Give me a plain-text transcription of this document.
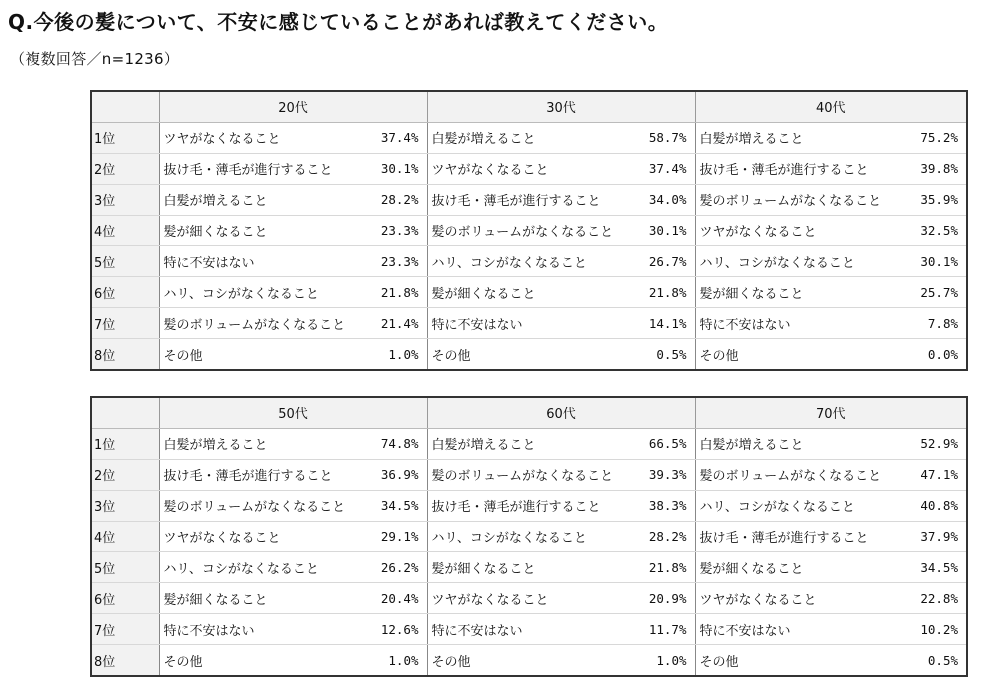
Q.今後の髪について、不安に感じていることがあれば教えてください。
（複数回答／n=1236）
	20代		30代		40代	
1位	ツヤがなくなること	37.4%	白髪が増えること	58.7%	白髪が増えること	75.2%
2位	抜け毛・薄毛が進行すること	30.1%	ツヤがなくなること	37.4%	抜け毛・薄毛が進行すること	39.8%
3位	白髪が増えること	28.2%	抜け毛・薄毛が進行すること	34.0%	髪のボリュームがなくなること	35.9%
4位	髪が細くなること	23.3%	髪のボリュームがなくなること	30.1%	ツヤがなくなること	32.5%
5位	特に不安はない	23.3%	ハリ、コシがなくなること	26.7%	ハリ、コシがなくなること	30.1%
6位	ハリ、コシがなくなること	21.8%	髪が細くなること	21.8%	髪が細くなること	25.7%
7位	髪のボリュームがなくなること	21.4%	特に不安はない	14.1%	特に不安はない	7.8%
8位	その他	1.0%	その他	0.5%	その他	0.0%
	50代		60代		70代	
1位	白髪が増えること	74.8%	白髪が増えること	66.5%	白髪が増えること	52.9%
2位	抜け毛・薄毛が進行すること	36.9%	髪のボリュームがなくなること	39.3%	髪のボリュームがなくなること	47.1%
3位	髪のボリュームがなくなること	34.5%	抜け毛・薄毛が進行すること	38.3%	ハリ、コシがなくなること	40.8%
4位	ツヤがなくなること	29.1%	ハリ、コシがなくなること	28.2%	抜け毛・薄毛が進行すること	37.9%
5位	ハリ、コシがなくなること	26.2%	髪が細くなること	21.8%	髪が細くなること	34.5%
6位	髪が細くなること	20.4%	ツヤがなくなること	20.9%	ツヤがなくなること	22.8%
7位	特に不安はない	12.6%	特に不安はない	11.7%	特に不安はない	10.2%
8位	その他	1.0%	その他	1.0%	その他	0.5%
